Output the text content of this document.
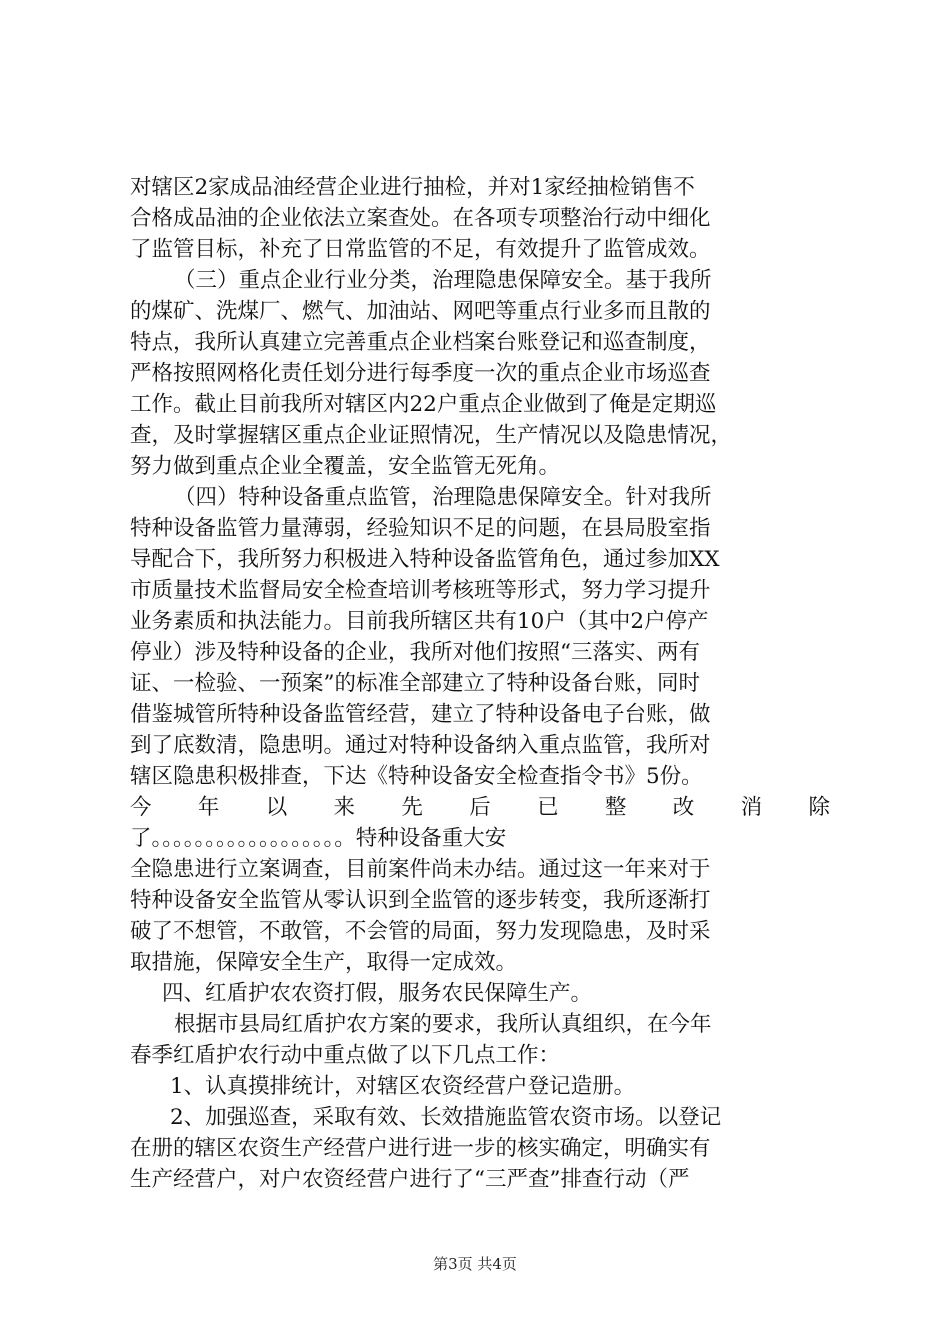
对辖区2家成品油经营企业进行抽检，并对1家经抽检销售不
合格成品油的企业依法立案查处。在各项专项整治行动中细化
了监管目标，补充了日常监管的不足，有效提升了监管成效。
（三）重点企业行业分类，治理隐患保障安全。基于我所
的煤矿、洗煤厂、燃气、加油站、网吧等重点行业多而且散的
特点，我所认真建立完善重点企业档案台账登记和巡查制度，
严格按照网格化责任划分进行每季度一次的重点企业市场巡查
工作。截止目前我所对辖区内22户重点企业做到了俺是定期巡
查，及时掌握辖区重点企业证照情况，生产情况以及隐患情况，
努力做到重点企业全覆盖，安全监管无死角。
（四）特种设备重点监管，治理隐患保障安全。针对我所
特种设备监管力量薄弱，经验知识不足的问题，在县局股室指
导配合下，我所努力积极进入特种设备监管角色，通过参加XX
市质量技术监督局安全检查培训考核班等形式，努力学习提升
业务素质和执法能力。目前我所辖区共有10户（其中2户停产
停业）涉及特种设备的企业，我所对他们按照“三落实、两有
证、一检验、一预案”的标准全部建立了特种设备台账，同时
借鉴城管所特种设备监管经营，建立了特种设备电子台账，做
到了底数清，隐患明。通过对特种设备纳入重点监管，我所对
辖区隐患积极排查，下达《特种设备安全检查指令书》5份。
今 年 以 来 先 后 已 整 改 消 除
了。。。。。。。。。。。。。。。。。。特种设备重大安
全隐患进行立案调查，目前案件尚未办结。通过这一年来对于
特种设备安全监管从零认识到全监管的逐步转变，我所逐渐打
破了不想管，不敢管，不会管的局面，努力发现隐患，及时采
取措施，保障安全生产，取得一定成效。
四、红盾护农农资打假，服务农民保障生产。
根据市县局红盾护农方案的要求，我所认真组织，在今年
春季红盾护农行动中重点做了以下几点工作：
1、认真摸排统计，对辖区农资经营户登记造册。
2、加强巡查，采取有效、长效措施监管农资市场。以登记
在册的辖区农资生产经营户进行进一步的核实确定，明确实有
生产经营户，对户农资经营户进行了“三严查”排查行动（严
第3页 共4页
